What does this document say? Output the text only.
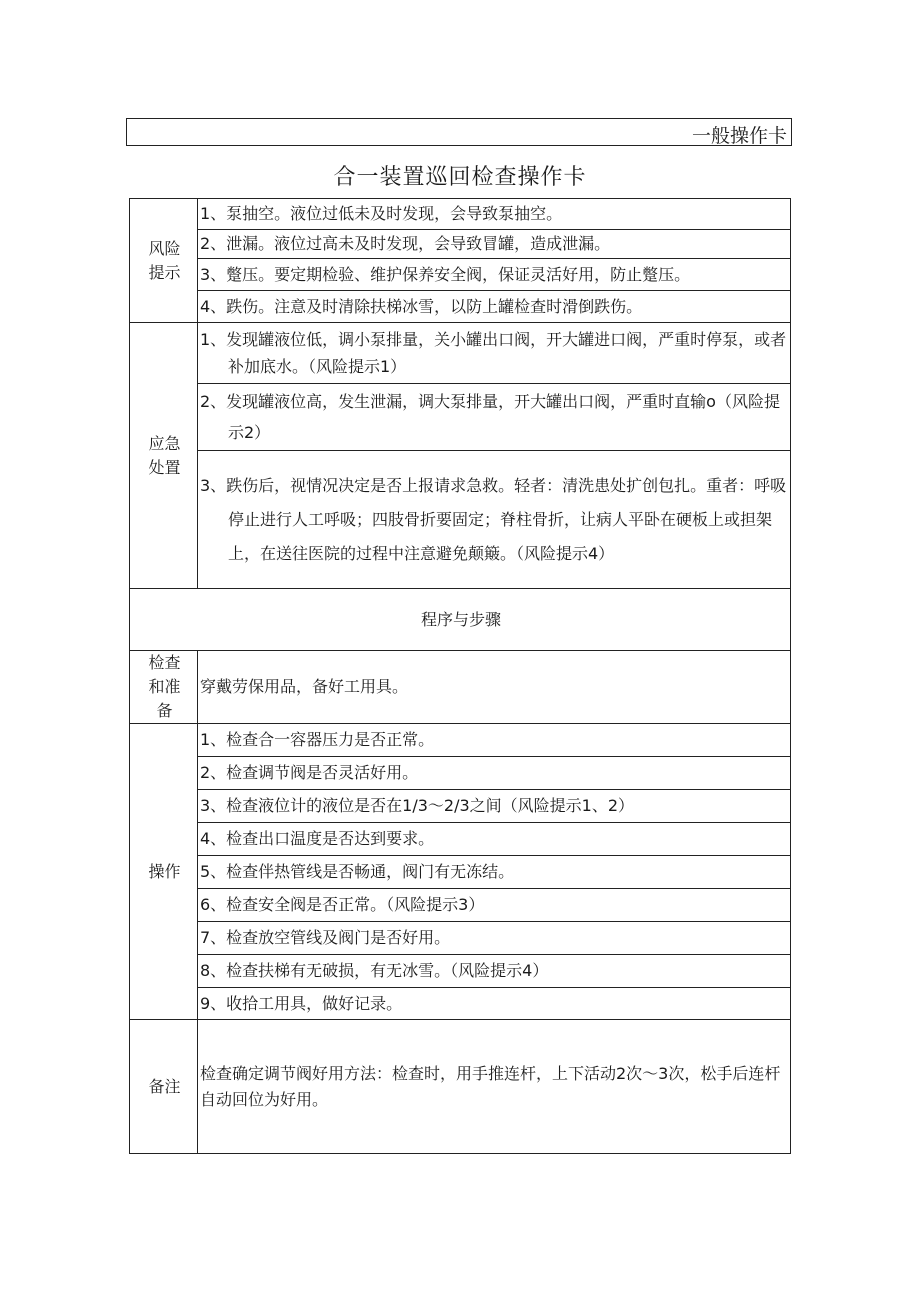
一般操作卡
合一装置巡回检查操作卡
风险提示	1、泵抽空。液位过低未及时发现，会导致泵抽空。
	2、泄漏。液位过高未及时发现，会导致冒罐，造成泄漏。
	3、蹩压。要定期检验、维护保养安全阀，保证灵活好用，防止蹩压。
	4、跌伤。注意及时清除扶梯冰雪，以防上罐检查时滑倒跌伤。
应急处置	1、发现罐液位低，调小泵排量，关小罐出口阀，开大罐进口阀，严重时停泵，或者补加底水。（风险提示1）

	2、发现罐液位高，发生泄漏，调大泵排量，开大罐出口阀，严重时直输o（风险提示2）

	3、跌伤后，视情况决定是否上报请求急救。轻者：清洗患处扩创包扎。重者：呼吸停止进行人工呼吸；四肢骨折要固定；脊柱骨折，让病人平卧在硬板上或担架上，在送往医院的过程中注意避免颠簸。（风险提示4）

程序与步骤	
检查和准备	穿戴劳保用品，备好工用具。
操作	1、检查合一容器压力是否正常。
	2、检查调节阀是否灵活好用。
	3、检查液位计的液位是否在1/3～2/3之间（风险提示1、2）
	4、检查出口温度是否达到要求。
	5、检查伴热管线是否畅通，阀门有无冻结。
	6、检查安全阀是否正常。（风险提示3）
	7、检查放空管线及阀门是否好用。
	8、检查扶梯有无破损，有无冰雪。（风险提示4）
	9、收拾工用具，做好记录。
备注	检查确定调节阀好用方法：检查时，用手推连杆，上下活动2次～3次，松手后连杆自动回位为好用。
